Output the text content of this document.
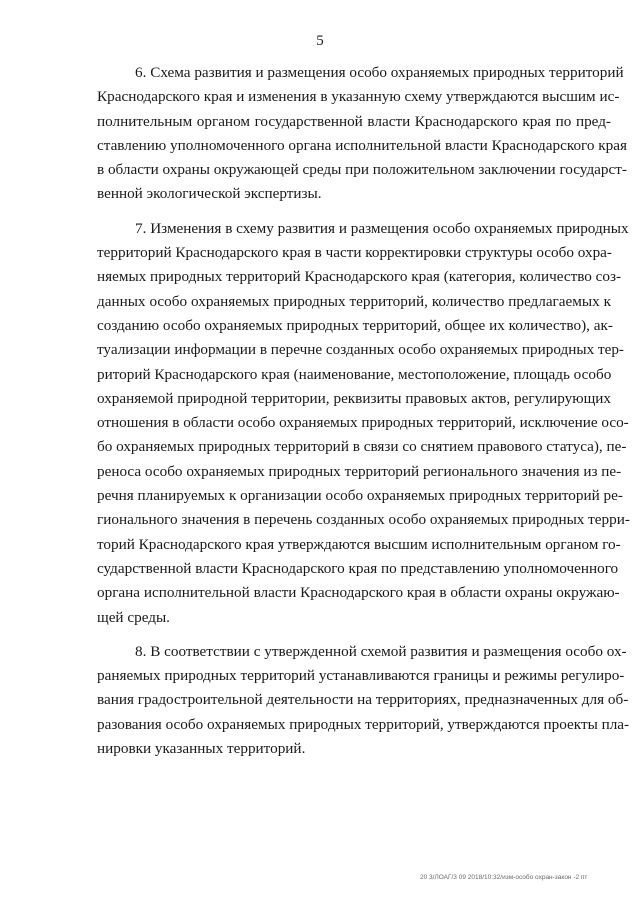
5

6. Схема развития и размещения особо охраняемых природных территорий
Краснодарского края и изменения в указанную схему утверждаются высшим ис-
полнительным органом государственной власти Краснодарского края по пред-
ставлению уполномоченного органа исполнительной власти Краснодарского края
в области охраны окружающей среды при положительном заключении государст-
венной экологической экспертизы.

7. Изменения в схему развития и размещения особо охраняемых природных
территорий Краснодарского края в части корректировки структуры особо охра-
няемых природных территорий Краснодарского края (категория, количество соз-
данных особо охраняемых природных территорий, количество предлагаемых к
созданию особо охраняемых природных территорий, общее их количество), ак-
туализации информации в перечне созданных особо охраняемых природных тер-
риторий Краснодарского края (наименование, местоположение, площадь особо
охраняемой природной территории, реквизиты правовых актов, регулирующих
отношения в области особо охраняемых природных территорий, исключение осо-
бо охраняемых природных территорий в связи со снятием правового статуса), пе-
реноса особо охраняемых природных территорий регионального значения из пе-
речня планируемых к организации особо охраняемых природных территорий ре-
гионального значения в перечень созданных особо охраняемых природных терри-
торий Краснодарского края утверждаются высшим исполнительным органом го-
сударственной власти Краснодарского края по представлению уполномоченного
органа исполнительной власти Краснодарского края в области охраны окружаю-
щей среды.

8. В соответствии с утвержденной схемой развития и размещения особо ох-
раняемых природных территорий устанавливаются границы и режимы регулиро-
вания градостроительной деятельности на территориях, предназначенных для об-
разования особо охраняемых природных территорий, утверждаются проекты пла-
нировки указанных территорий.

20 3/ЛОАГ/3 09 2018/10:32/изм-особо охран-закон -2 пт
